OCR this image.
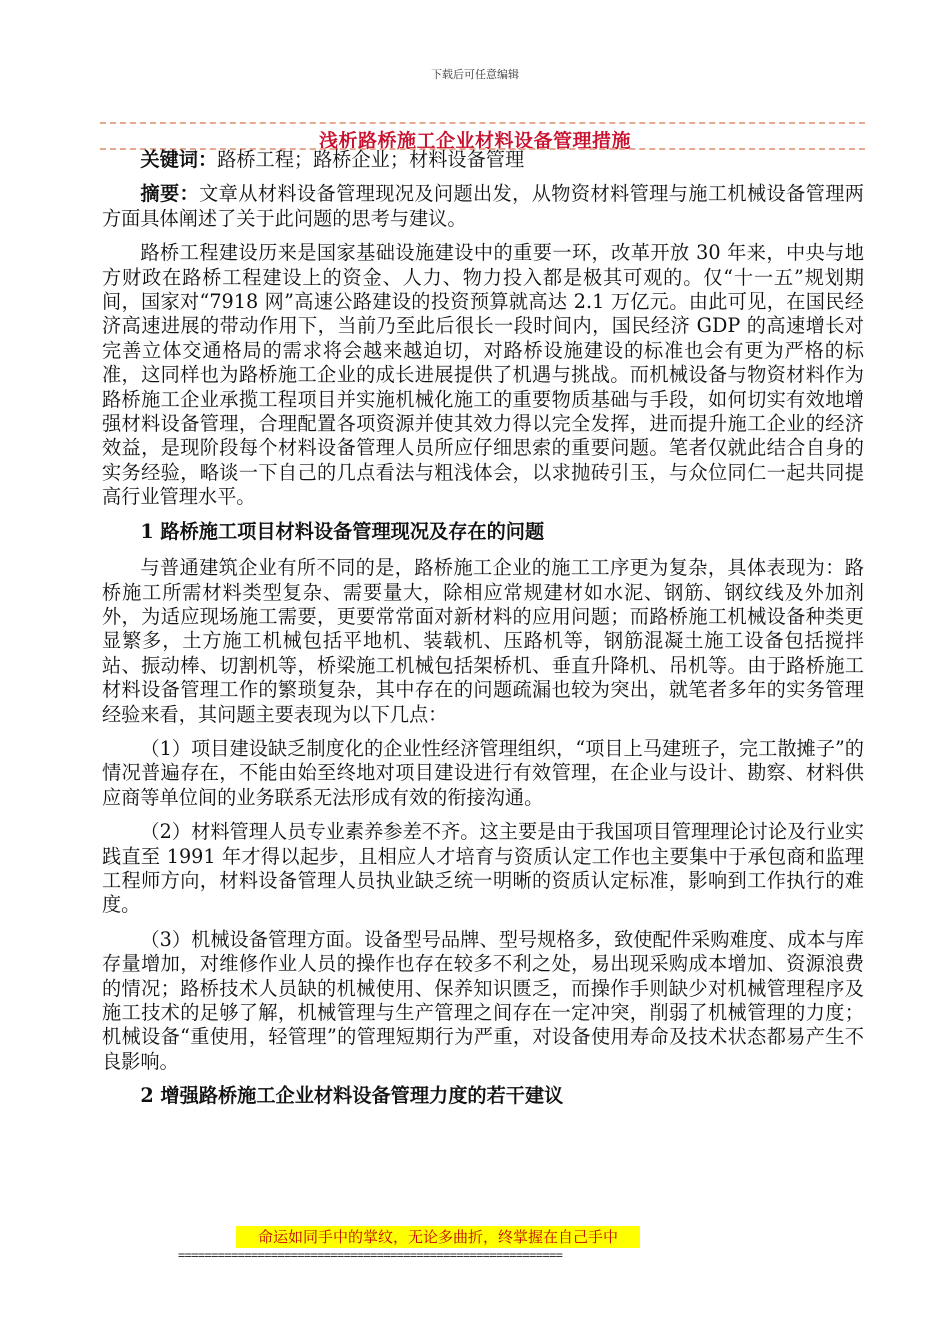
下载后可任意编辑
浅析路桥施工企业材料设备管理措施

关键词：路桥工程；路桥企业；材料设备管理

摘要：文章从材料设备管理现况及问题出发，从物资材料管理与施工机械设备管理两方面具体阐述了关于此问题的思考与建议。

路桥工程建设历来是国家基础设施建设中的重要一环，改革开放 30 年来，中央与地方财政在路桥工程建设上的资金、人力、物力投入都是极其可观的。仅“十一五”规划期间，国家对“7918 网”高速公路建设的投资预算就高达 2.1 万亿元。由此可见，在国民经济高速进展的带动作用下，当前乃至此后很长一段时间内，国民经济 GDP 的高速增长对完善立体交通格局的需求将会越来越迫切，对路桥设施建设的标准也会有更为严格的标准，这同样也为路桥施工企业的成长进展提供了机遇与挑战。而机械设备与物资材料作为路桥施工企业承揽工程项目并实施机械化施工的重要物质基础与手段，如何切实有效地增强材料设备管理，合理配置各项资源并使其效力得以完全发挥，进而提升施工企业的经济效益，是现阶段每个材料设备管理人员所应仔细思索的重要问题。笔者仅就此结合自身的实务经验，略谈一下自己的几点看法与粗浅体会，以求抛砖引玉，与众位同仁一起共同提高行业管理水平。

1 路桥施工项目材料设备管理现况及存在的问题

与普通建筑企业有所不同的是，路桥施工企业的施工工序更为复杂，具体表现为：路桥施工所需材料类型复杂、需要量大，除相应常规建材如水泥、钢筋、钢纹线及外加剂外，为适应现场施工需要，更要常常面对新材料的应用问题；而路桥施工机械设备种类更显繁多，土方施工机械包括平地机、装载机、压路机等，钢筋混凝土施工设备包括搅拌站、振动棒、切割机等，桥梁施工机械包括架桥机、垂直升降机、吊机等。由于路桥施工材料设备管理工作的繁琐复杂，其中存在的问题疏漏也较为突出，就笔者多年的实务管理经验来看，其问题主要表现为以下几点：

（1）项目建设缺乏制度化的企业性经济管理组织，“项目上马建班子，完工散摊子”的情况普遍存在，不能由始至终地对项目建设进行有效管理，在企业与设计、勘察、材料供应商等单位间的业务联系无法形成有效的衔接沟通。

（2）材料管理人员专业素养参差不齐。这主要是由于我国项目管理理论讨论及行业实践直至 1991 年才得以起步，且相应人才培育与资质认定工作也主要集中于承包商和监理工程师方向，材料设备管理人员执业缺乏统一明晰的资质认定标准，影响到工作执行的难度。

（3）机械设备管理方面。设备型号品牌、型号规格多，致使配件采购难度、成本与库存量增加，对维修作业人员的操作也存在较多不利之处，易出现采购成本增加、资源浪费的情况；路桥技术人员缺的机械使用、保养知识匮乏，而操作手则缺少对机械管理程序及施工技术的足够了解，机械管理与生产管理之间存在一定冲突，削弱了机械管理的力度；机械设备“重使用，轻管理”的管理短期行为严重，对设备使用寿命及技术状态都易产生不良影响。

2 增强路桥施工企业材料设备管理力度的若干建议

命运如同手中的掌纹，无论多曲折，终掌握在自己手中
==========================================================
